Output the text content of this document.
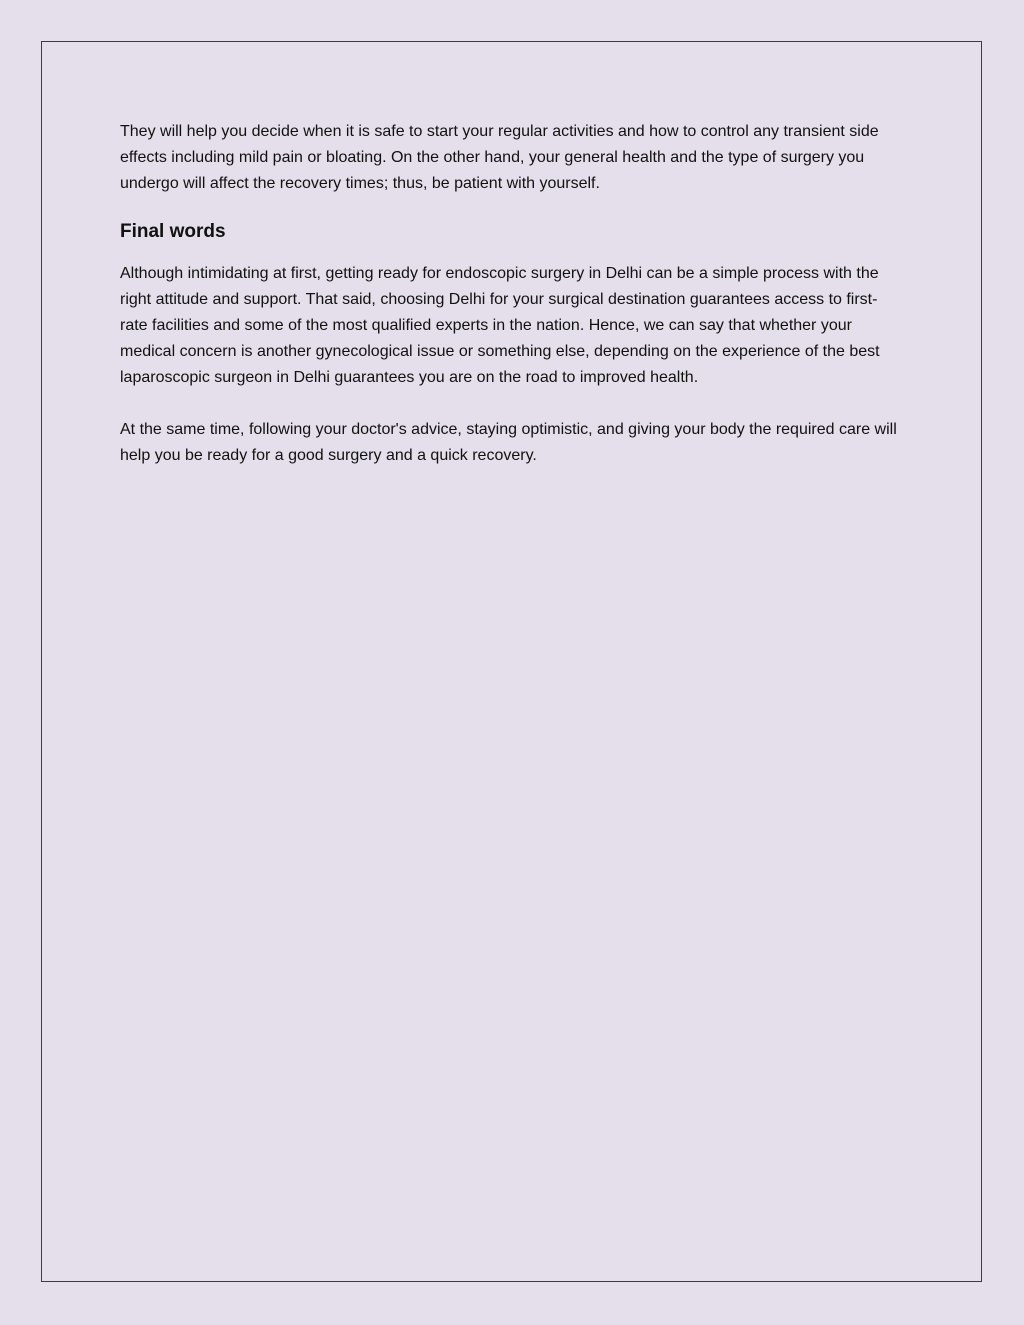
They will help you decide when it is safe to start your regular activities and how to control any transient side effects including mild pain or bloating. On the other hand, your general health and the type of surgery you undergo will affect the recovery times; thus, be patient with yourself.

Final words

Although intimidating at first, getting ready for endoscopic surgery in Delhi can be a simple process with the right attitude and support. That said, choosing Delhi for your surgical destination guarantees access to first-rate facilities and some of the most qualified experts in the nation. Hence, we can say that whether your medical concern is another gynecological issue or something else, depending on the experience of the best laparoscopic surgeon in Delhi guarantees you are on the road to improved health.

At the same time, following your doctor's advice, staying optimistic, and giving your body the required care will help you be ready for a good surgery and a quick recovery.
